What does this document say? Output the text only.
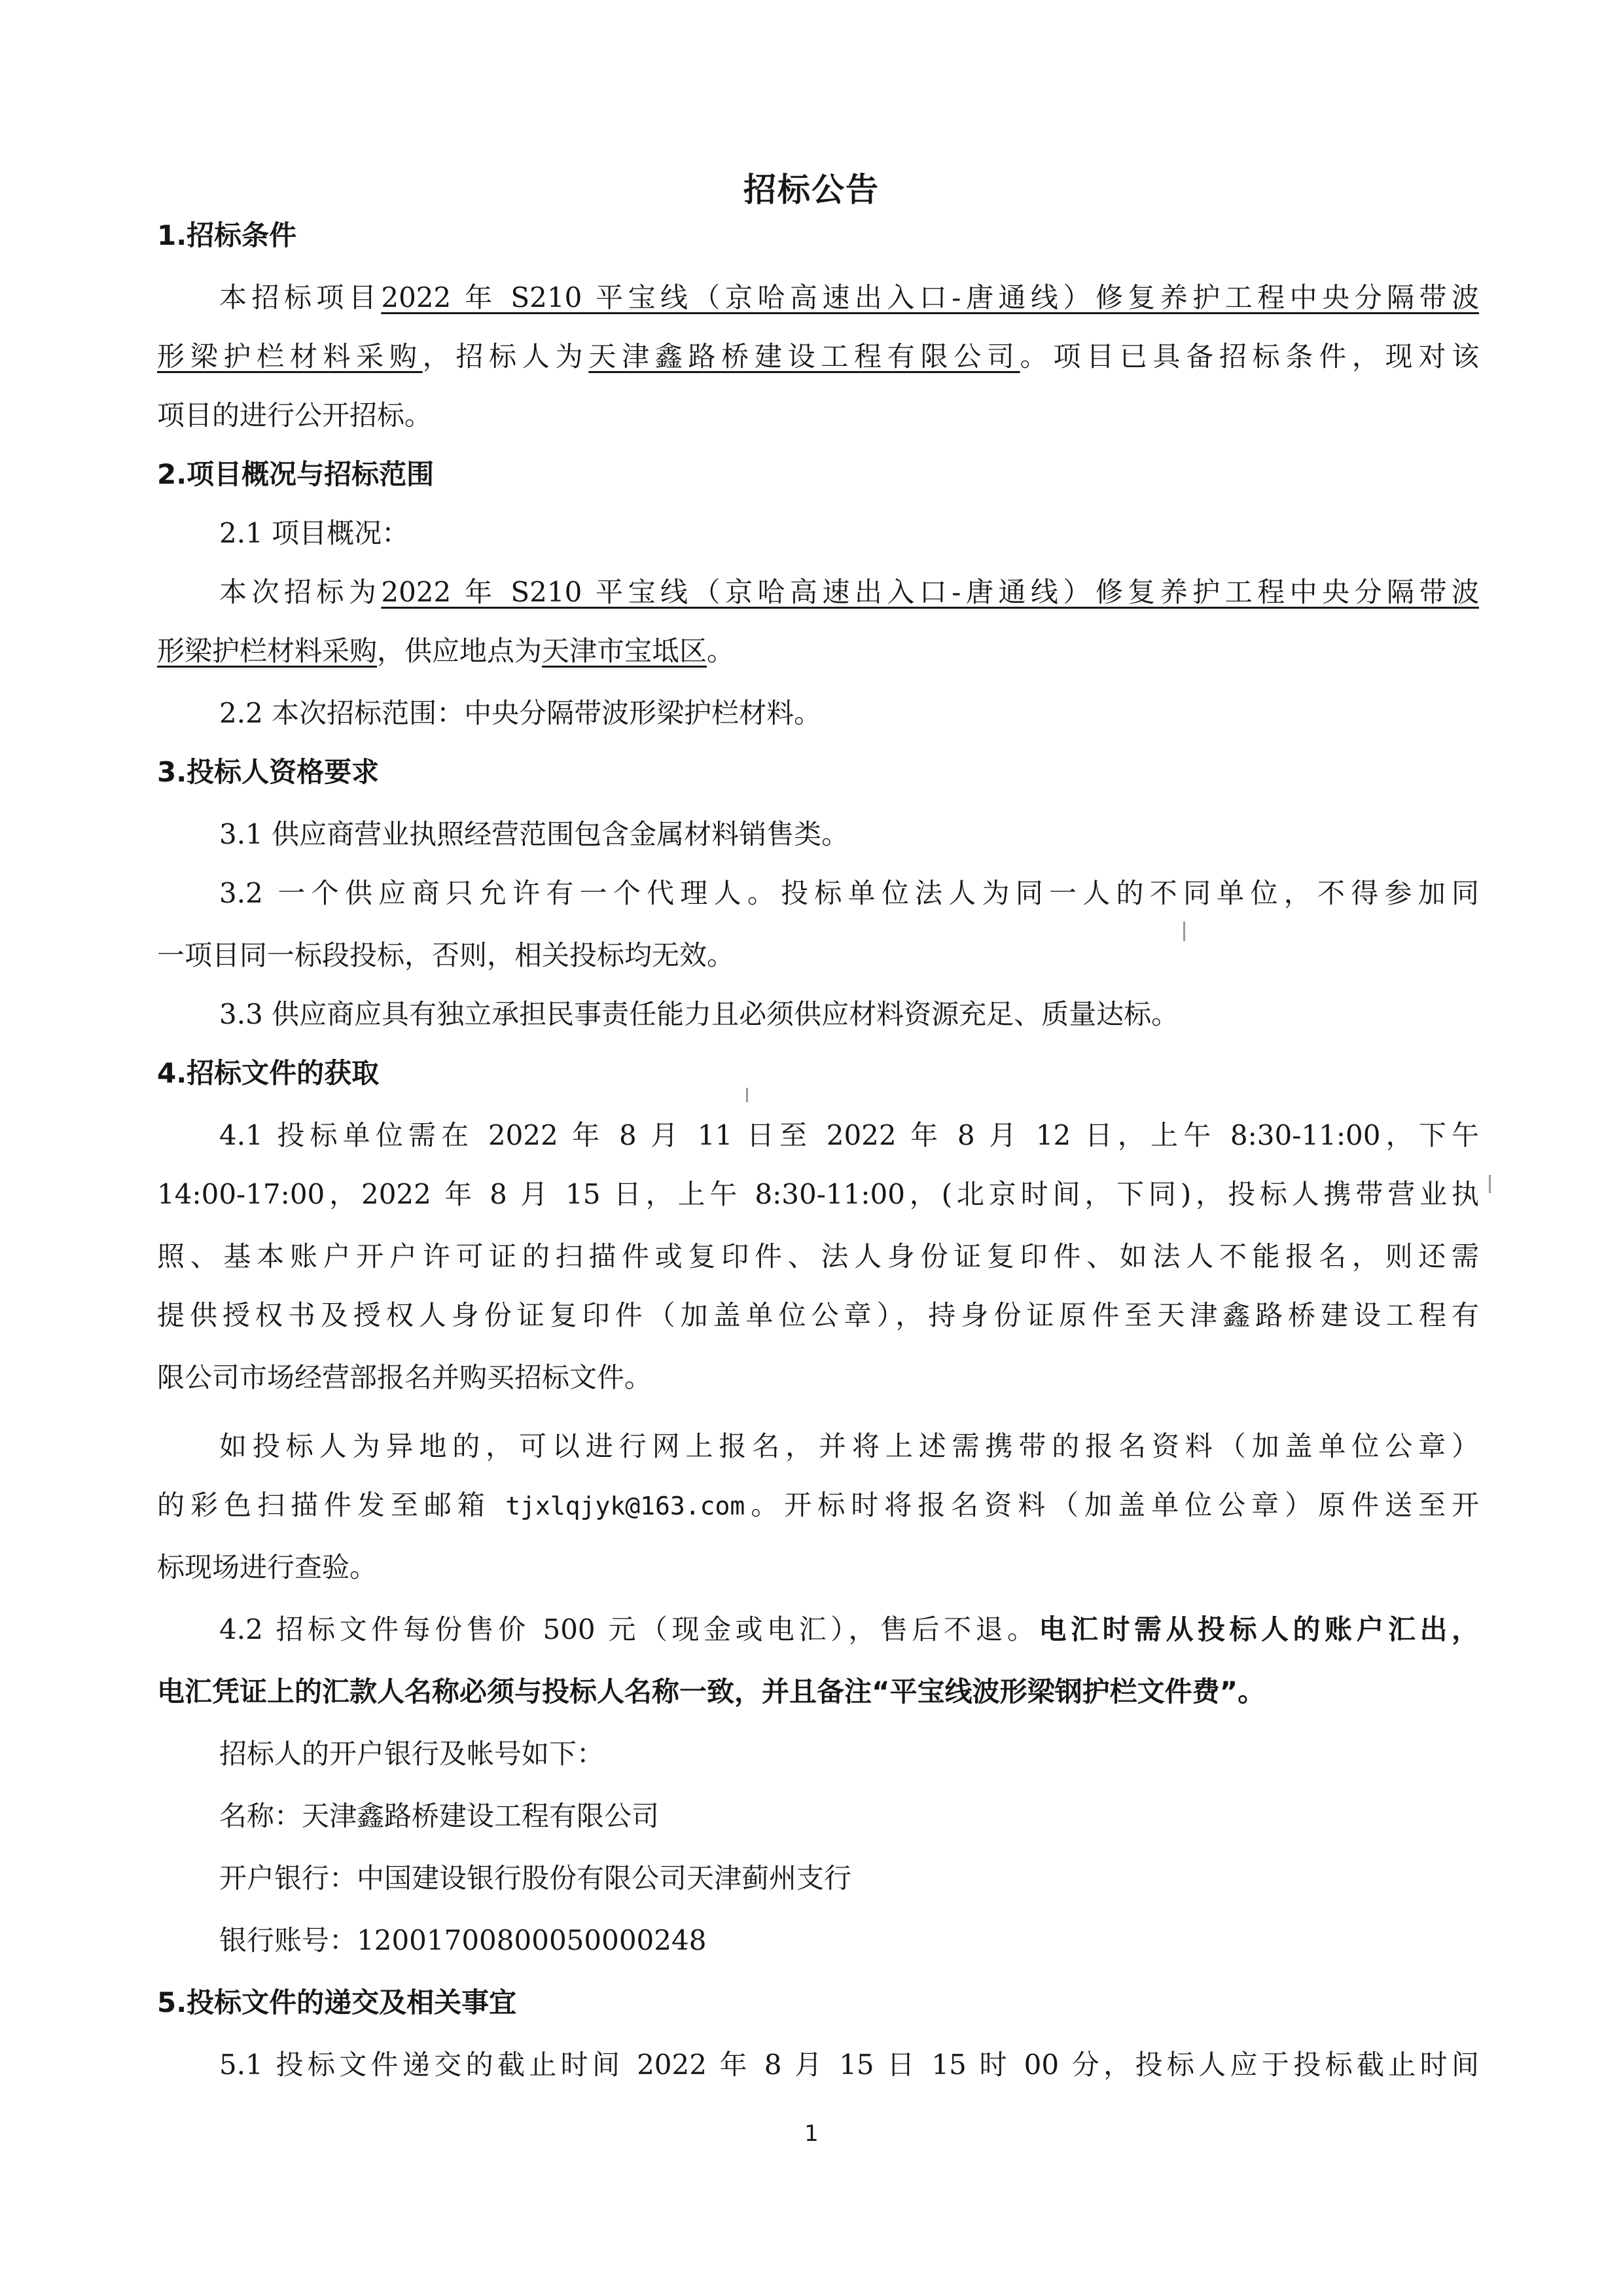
招标公告
1.招标条件
本招标项目2022 年 S210 平宝线（京哈高速出入口-唐通线）修复养护工程中央分隔带波
形梁护栏材料采购，招标人为天津鑫路桥建设工程有限公司。项目已具备招标条件，现对该
项目的进行公开招标。
2.项目概况与招标范围
2.1 项目概况：
本次招标为2022 年 S210 平宝线（京哈高速出入口-唐通线）修复养护工程中央分隔带波
形梁护栏材料采购，供应地点为天津市宝坻区。
2.2 本次招标范围：中央分隔带波形梁护栏材料。
3.投标人资格要求
3.1 供应商营业执照经营范围包含金属材料销售类。
3.2 一个供应商只允许有一个代理人。投标单位法人为同一人的不同单位，不得参加同
一项目同一标段投标，否则，相关投标均无效。
3.3 供应商应具有独立承担民事责任能力且必须供应材料资源充足、质量达标。
4.招标文件的获取
4.1 投标单位需在 2022 年 8 月 11 日至 2022 年 8 月 12 日，上午 8:30-11:00，下午
14:00-17:00，2022 年 8 月 15 日，上午 8:30-11:00，(北京时间，下同)，投标人携带营业执
照、基本账户开户许可证的扫描件或复印件、法人身份证复印件、如法人不能报名，则还需
提供授权书及授权人身份证复印件（加盖单位公章），持身份证原件至天津鑫路桥建设工程有
限公司市场经营部报名并购买招标文件。
如投标人为异地的，可以进行网上报名，并将上述需携带的报名资料（加盖单位公章）
的彩色扫描件发至邮箱 tjxlqjyk@163.com。开标时将报名资料（加盖单位公章）原件送至开
标现场进行查验。
4.2 招标文件每份售价 500 元（现金或电汇），售后不退。电汇时需从投标人的账户汇出，
电汇凭证上的汇款人名称必须与投标人名称一致，并且备注“平宝线波形梁钢护栏文件费”。
招标人的开户银行及帐号如下：
名称：天津鑫路桥建设工程有限公司
开户银行：中国建设银行股份有限公司天津蓟州支行
银行账号：12001700800050000248
5.投标文件的递交及相关事宜
5.1 投标文件递交的截止时间 2022 年 8 月 15 日 15 时 00 分，投标人应于投标截止时间
1
